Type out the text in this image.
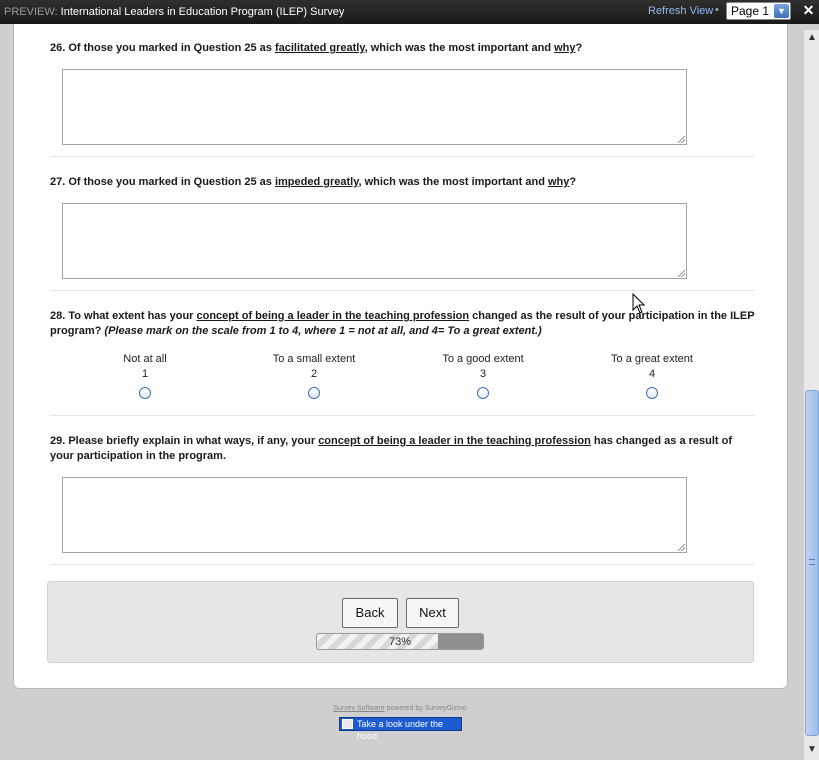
PREVIEW: International Leaders in Education Program (ILEP) Survey	Refresh View •	Page 1 ▼ ✕
26. Of those you marked in Question 25 as facilitated greatly, which was the most important and why?
27. Of those you marked in Question 25 as impeded greatly, which was the most important and why?
28. To what extent has your concept of being a leader in the teaching profession changed as the result of your participation in the ILEP program? (Please mark on the scale from 1 to 4, where 1 = not at all, and 4= To a great extent.)
Not at all
1
To a small extent
2
To a good extent
3
To a great extent
4
29. Please briefly explain in what ways, if any, your concept of being a leader in the teaching profession has changed as a result of your participation in the program.
Back	Next
73%
Survey Software powered by SurveyGizmo
Take a look under the hood
▲
▼
